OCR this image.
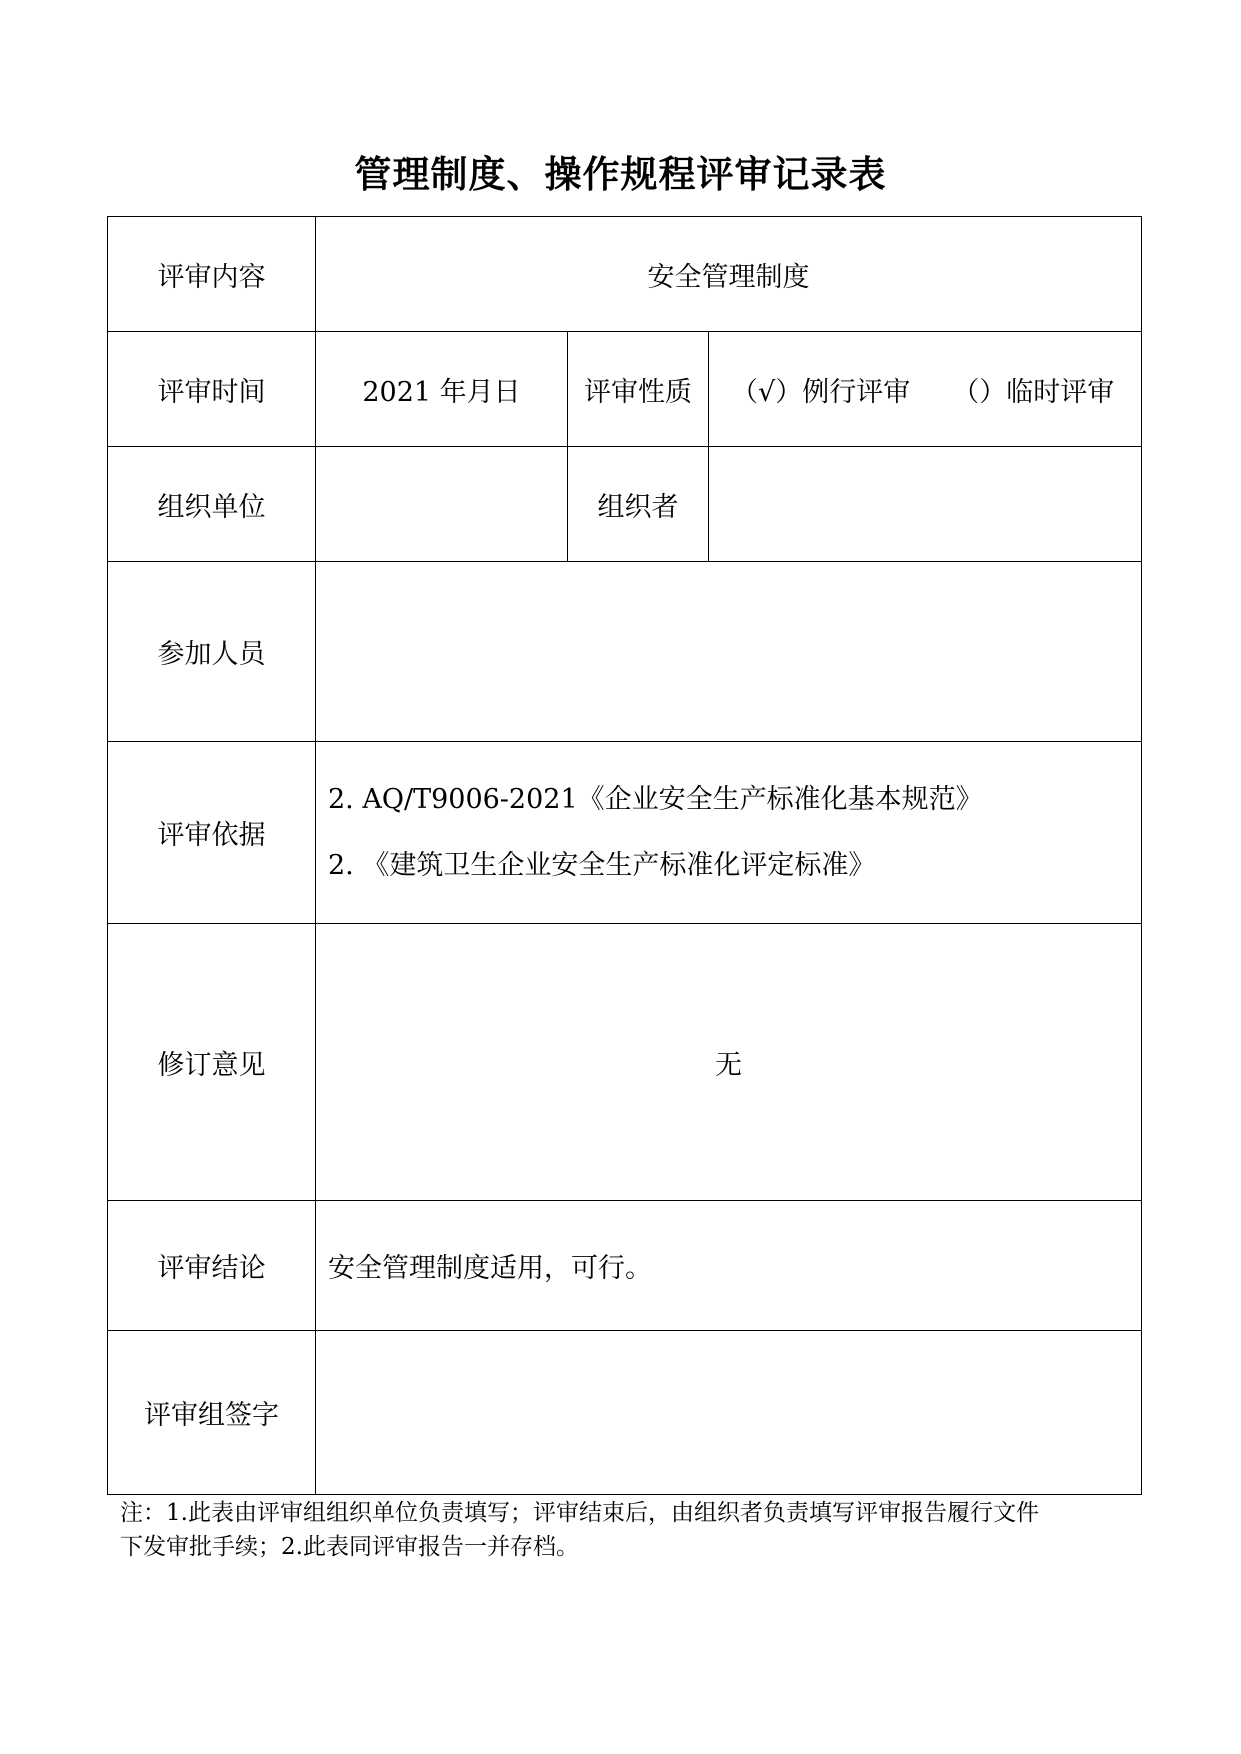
管理制度、操作规程评审记录表
评审内容	安全管理制度		
评审时间	2021 年月日	评审性质	（√）例行评审 （）临时评审
组织单位		组织者	
参加人员			
评审依据	2. AQ/T9006-2021《企业安全生产标准化基本规范》
2. 《建筑卫生企业安全生产标准化评定标准》		

修订意见	无		
评审结论	安全管理制度适用，可行。		
评审组签字			
注：1.此表由评审组组织单位负责填写；评审结束后，由组织者负责填写评审报告履行文件
下发审批手续；2.此表同评审报告一并存档。
